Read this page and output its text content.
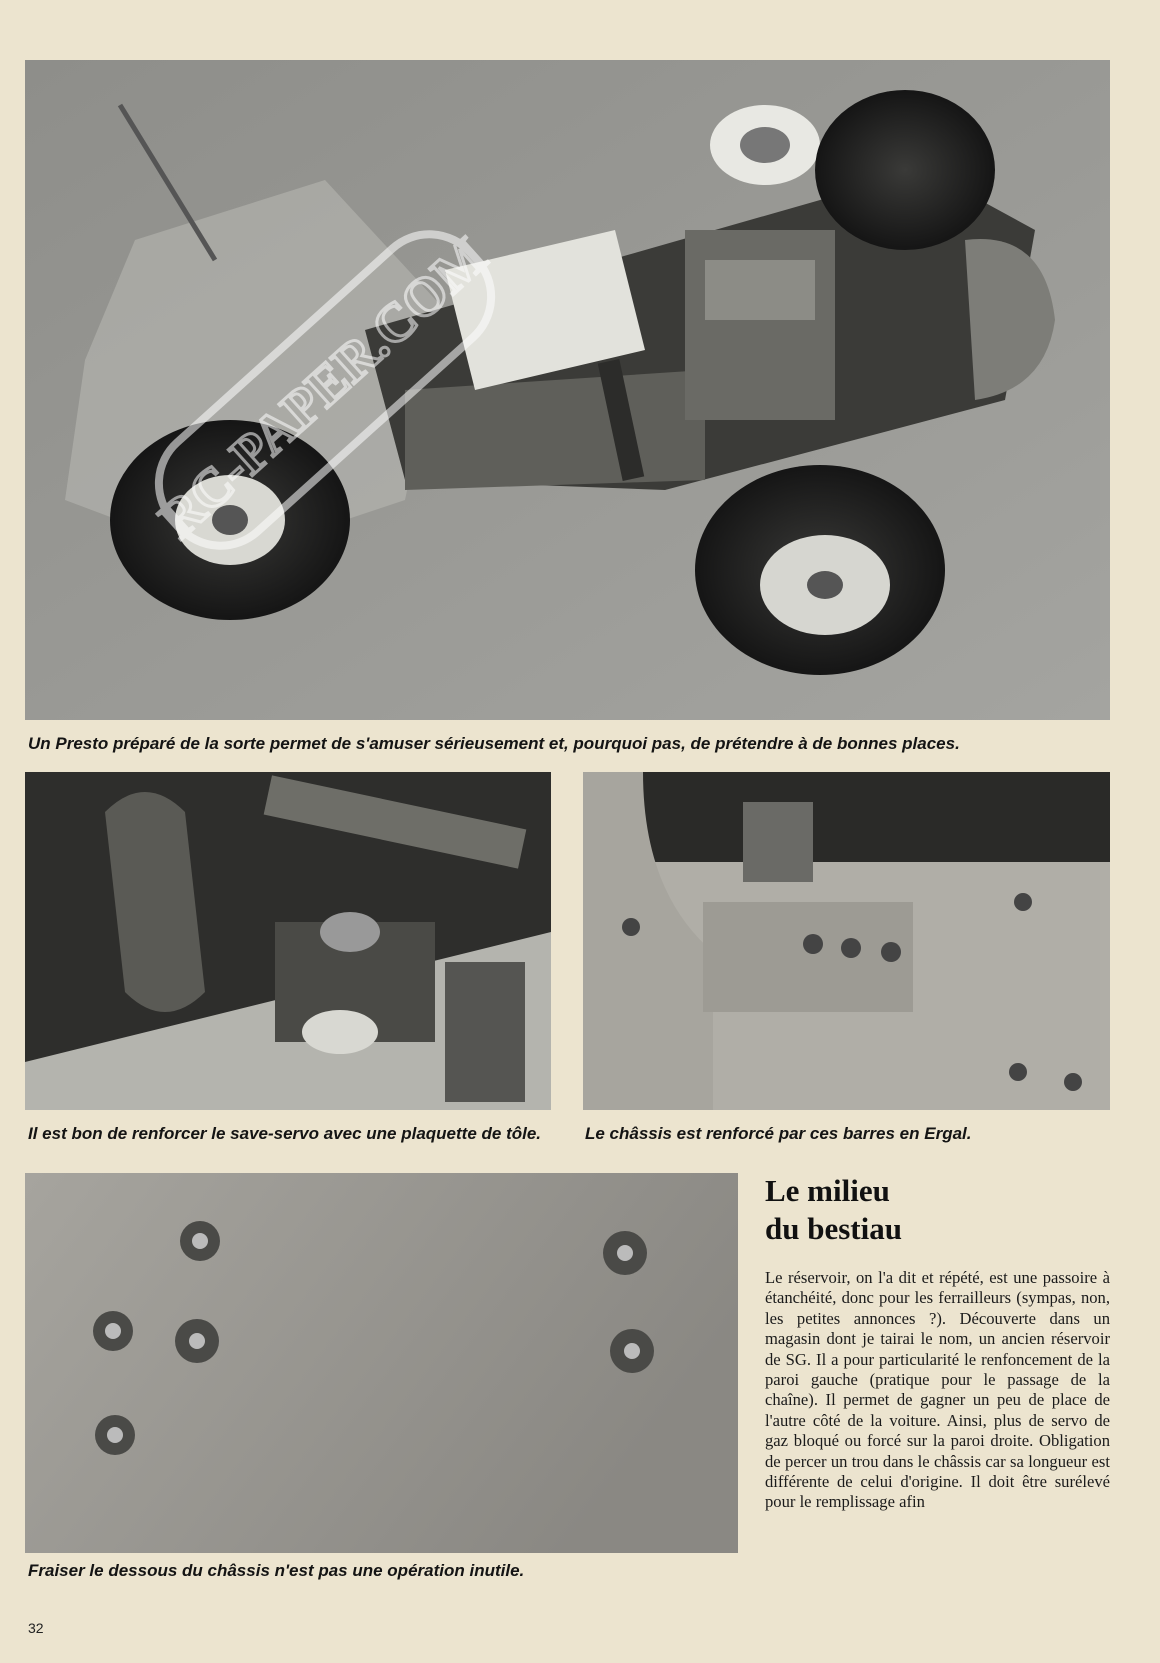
RC-PAPER.COM
Un Presto préparé de la sorte permet de s'amuser sérieusement et, pourquoi pas, de prétendre à de bonnes places.
Il est bon de renforcer le save-servo avec une plaquette de tôle.	Le châssis est renforcé par ces barres en Ergal.
Fraiser le dessous du châssis n'est pas une opération inutile.
Le milieu
du bestiau

Le réservoir, on l'a dit et répété, est une passoire à étanchéité, donc pour les ferrailleurs (sympas, non, les petites annonces ?). Découverte dans un magasin dont je tairai le nom, un ancien réservoir de SG. Il a pour particularité le renfoncement de la paroi gauche (pratique pour le passage de la chaîne). Il permet de gagner un peu de place de l'autre côté de la voiture. Ainsi, plus de servo de gaz bloqué ou forcé sur la paroi droite. Obligation de percer un trou dans le châssis car sa longueur est différente de celui d'origine. Il doit être surélevé pour le remplissage afin

32
